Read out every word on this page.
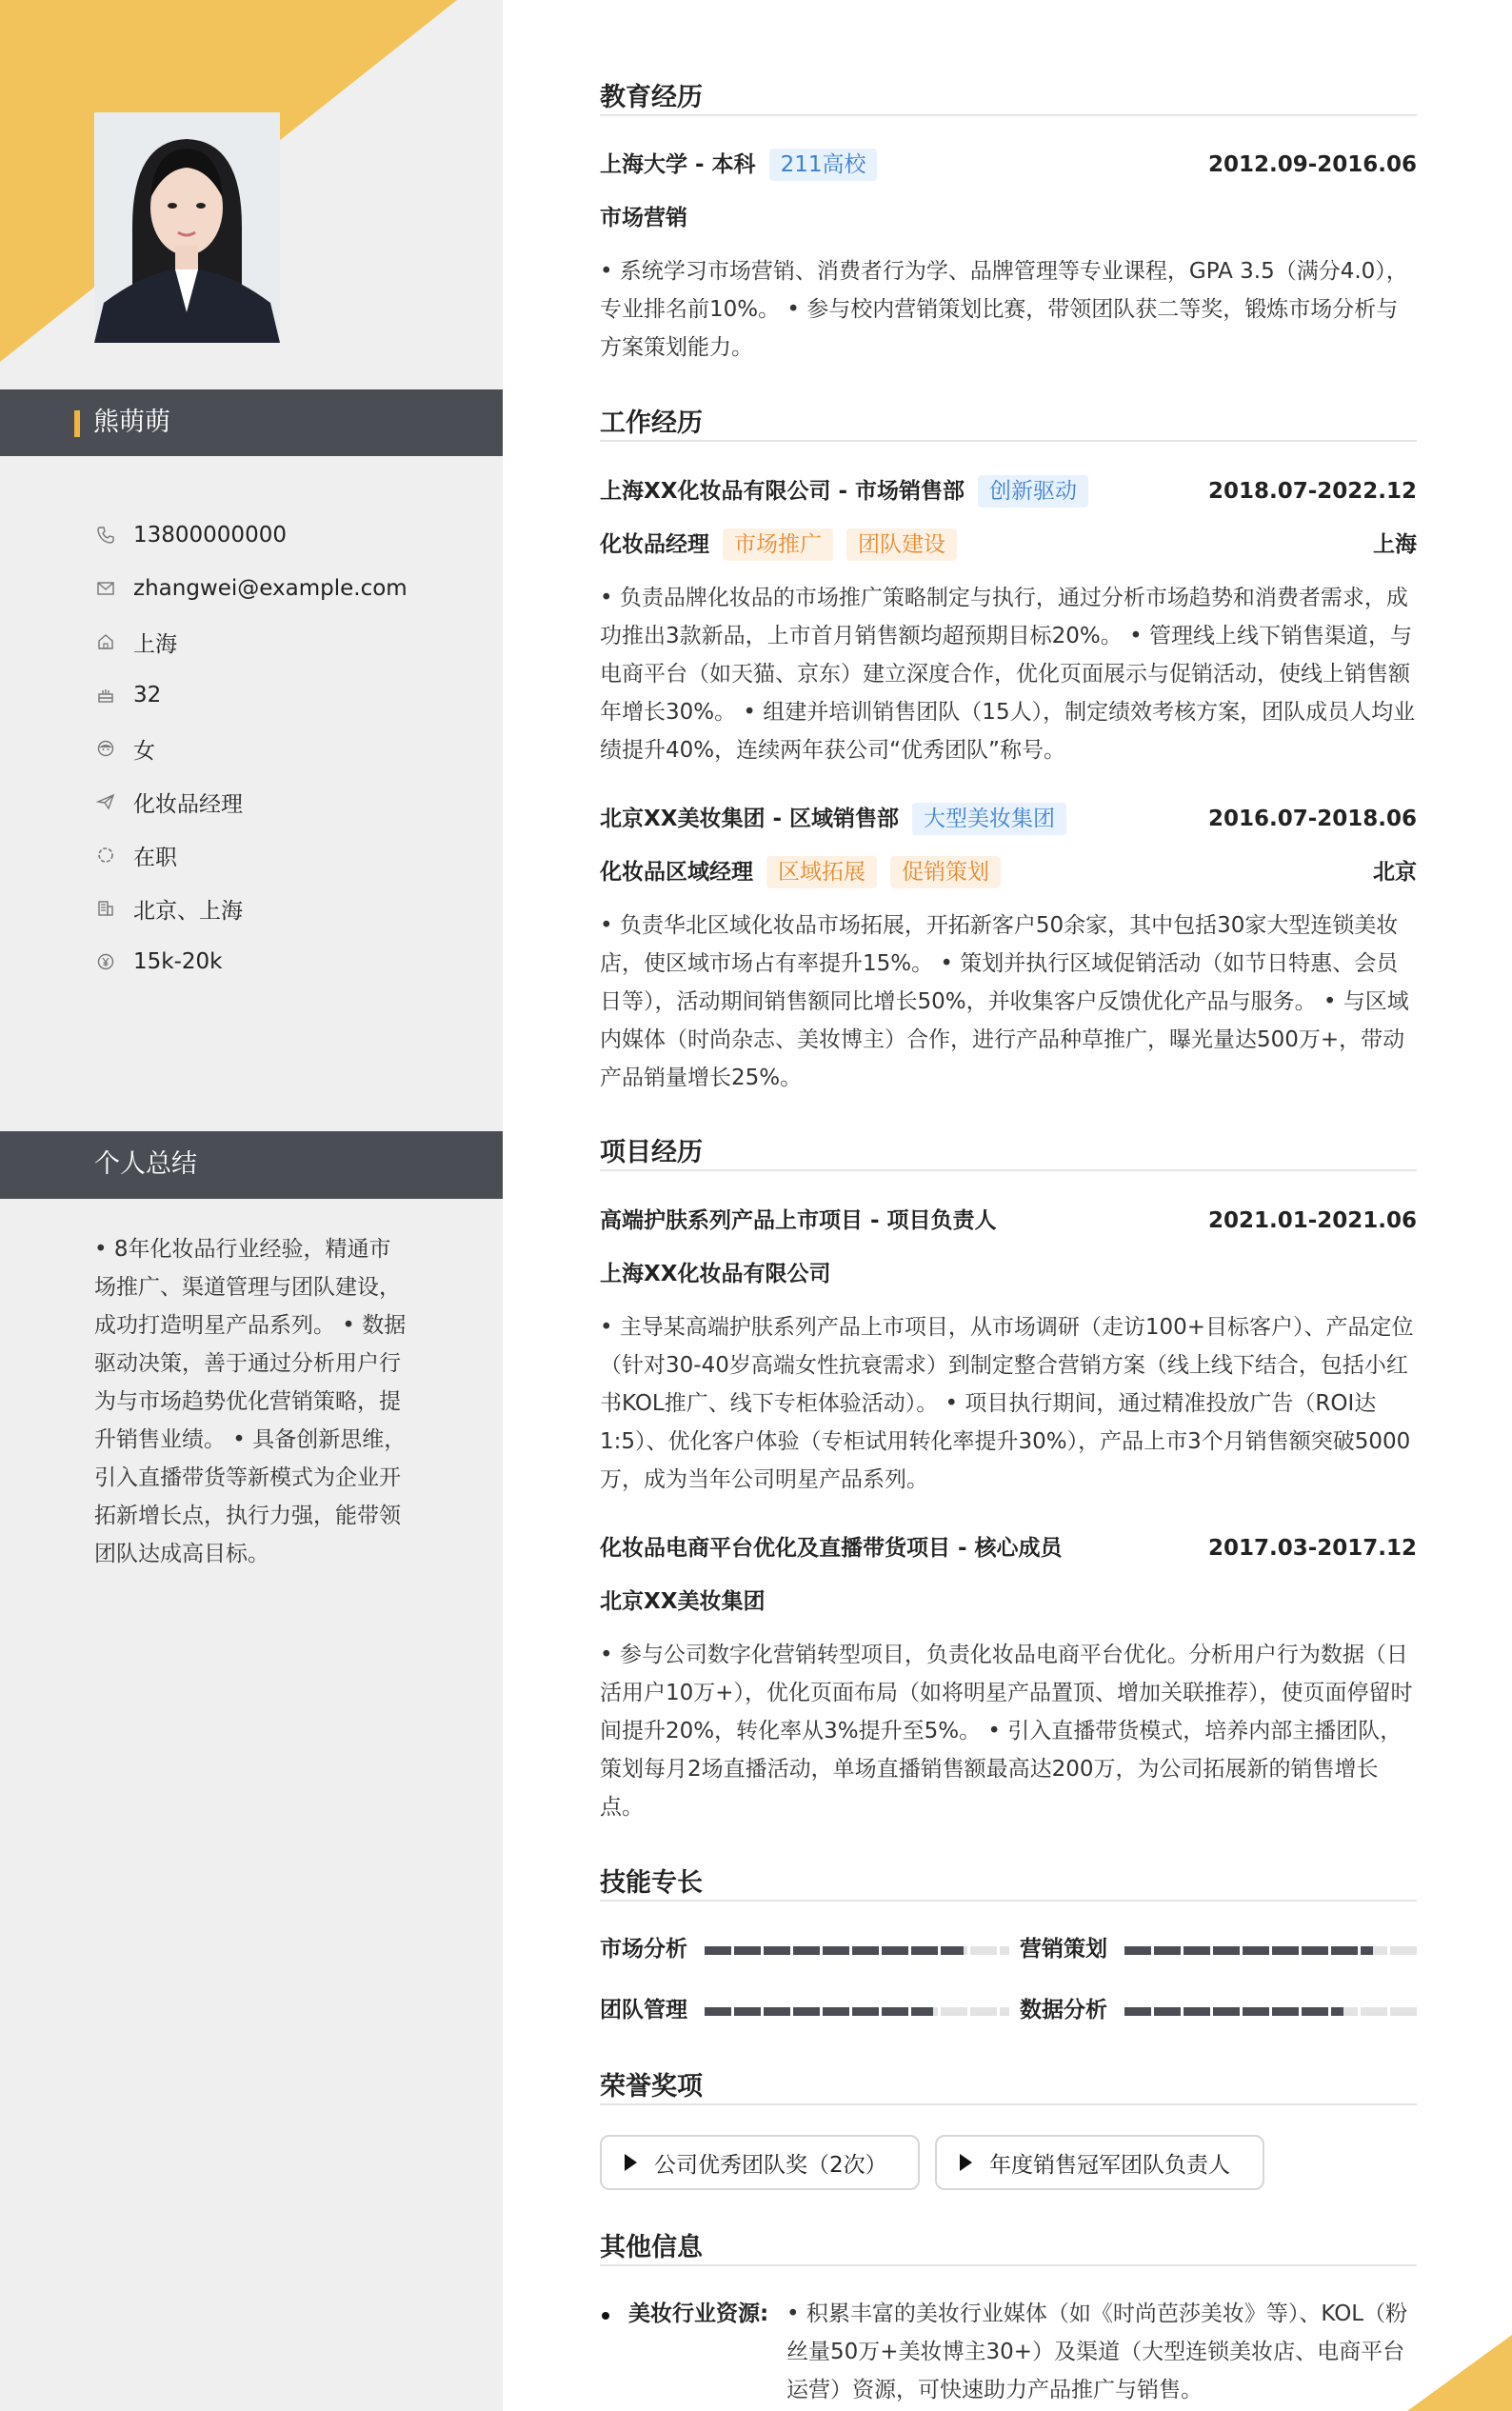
熊萌萌
13800000000
zhangwei@example.com
上海
32
女
化妆品经理
在职
北京、上海
15k-20k
个人总结
• 8年化妆品行业经验，精通市场推广、渠道管理与团队建设，成功打造明星产品系列。 • 数据驱动决策，善于通过分析用户行为与市场趋势优化营销策略，提升销售业绩。 • 具备创新思维，引入直播带货等新模式为企业开拓新增长点，执行力强，能带领团队达成高目标。
教育经历
上海大学 - 本科 211高校	2012.09-2016.06
市场营销
• 系统学习市场营销、消费者行为学、品牌管理等专业课程，GPA 3.5（满分4.0），专业排名前10%。 • 参与校内营销策划比赛，带领团队获二等奖，锻炼市场分析与方案策划能力。
工作经历
上海XX化妆品有限公司 - 市场销售部 创新驱动	2018.07-2022.12
化妆品经理 市场推广 团队建设	上海
• 负责品牌化妆品的市场推广策略制定与执行，通过分析市场趋势和消费者需求，成功推出3款新品，上市首月销售额均超预期目标20%。 • 管理线上线下销售渠道，与电商平台（如天猫、京东）建立深度合作，优化页面展示与促销活动，使线上销售额年增长30%。 • 组建并培训销售团队（15人），制定绩效考核方案，团队成员人均业绩提升40%，连续两年获公司“优秀团队”称号。
北京XX美妆集团 - 区域销售部 大型美妆集团	2016.07-2018.06
化妆品区域经理 区域拓展 促销策划	北京
• 负责华北区域化妆品市场拓展，开拓新客户50余家，其中包括30家大型连锁美妆店，使区域市场占有率提升15%。 • 策划并执行区域促销活动（如节日特惠、会员日等），活动期间销售额同比增长50%，并收集客户反馈优化产品与服务。 • 与区域内媒体（时尚杂志、美妆博主）合作，进行产品种草推广，曝光量达500万+，带动产品销量增长25%。
项目经历
高端护肤系列产品上市项目 - 项目负责人	2021.01-2021.06
上海XX化妆品有限公司
• 主导某高端护肤系列产品上市项目，从市场调研（走访100+目标客户）、产品定位（针对30-40岁高端女性抗衰需求）到制定整合营销方案（线上线下结合，包括小红书KOL推广、线下专柜体验活动）。 • 项目执行期间，通过精准投放广告（ROI达1:5）、优化客户体验（专柜试用转化率提升30%），产品上市3个月销售额突破5000万，成为当年公司明星产品系列。
化妆品电商平台优化及直播带货项目 - 核心成员	2017.03-2017.12
北京XX美妆集团
• 参与公司数字化营销转型项目，负责化妆品电商平台优化。分析用户行为数据（日活用户10万+），优化页面布局（如将明星产品置顶、增加关联推荐），使页面停留时间提升20%，转化率从3%提升至5%。 • 引入直播带货模式，培养内部主播团队，策划每月2场直播活动，单场直播销售额最高达200万，为公司拓展新的销售增长点。
技能专长
市场分析	营销策划
团队管理	数据分析
荣誉奖项
公司优秀团队奖（2次）	年度销售冠军团队负责人
其他信息
美妆行业资源: • 积累丰富的美妆行业媒体（如《时尚芭莎美妆》等）、KOL（粉丝量50万+美妆博主30+）及渠道（大型连锁美妆店、电商平台运营）资源，可快速助力产品推广与销售。
